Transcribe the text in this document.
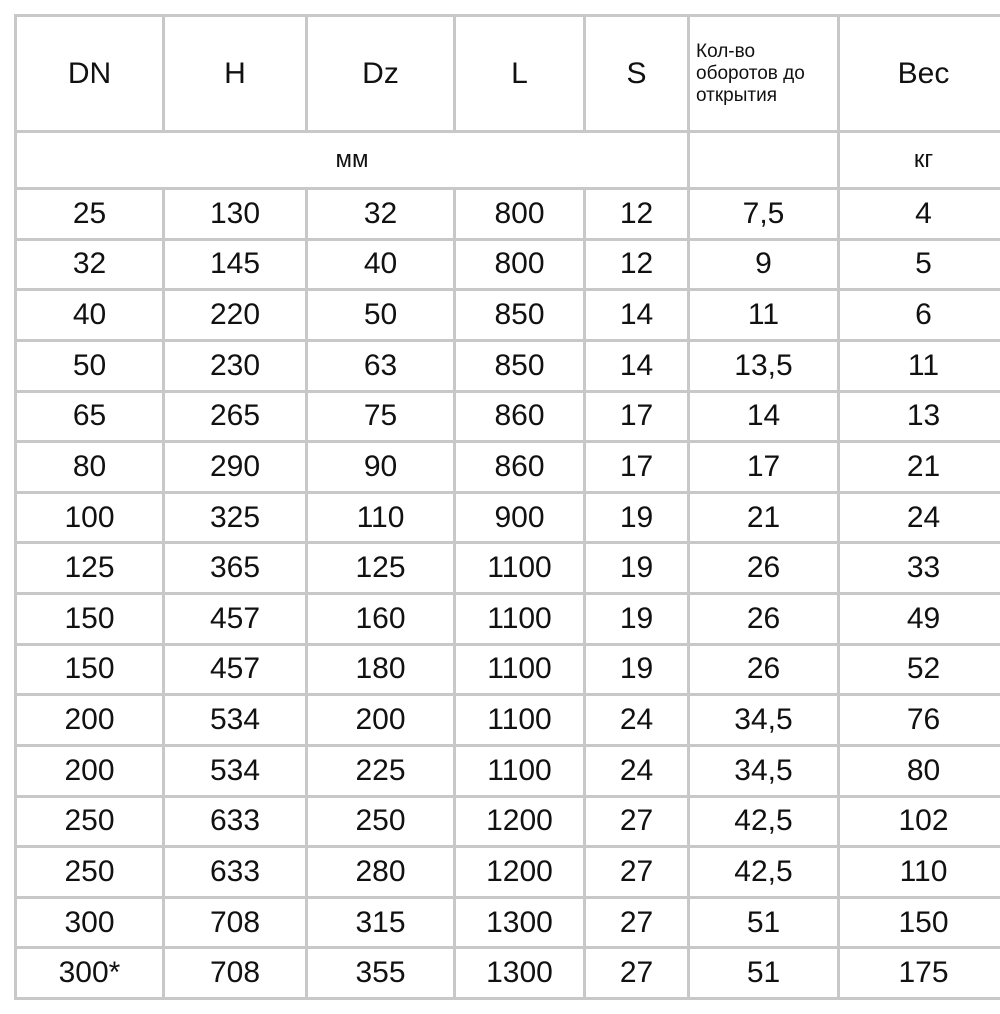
DN	H	Dz	L	S	Кол-во оборотов до открытия	Вес
мм						кг
25	130	32	800	12	7,5	4
32	145	40	800	12	9	5
40	220	50	850	14	11	6
50	230	63	850	14	13,5	11
65	265	75	860	17	14	13
80	290	90	860	17	17	21
100	325	110	900	19	21	24
125	365	125	1100	19	26	33
150	457	160	1100	19	26	49
150	457	180	1100	19	26	52
200	534	200	1100	24	34,5	76
200	534	225	1100	24	34,5	80
250	633	250	1200	27	42,5	102
250	633	280	1200	27	42,5	110
300	708	315	1300	27	51	150
300*	708	355	1300	27	51	175
